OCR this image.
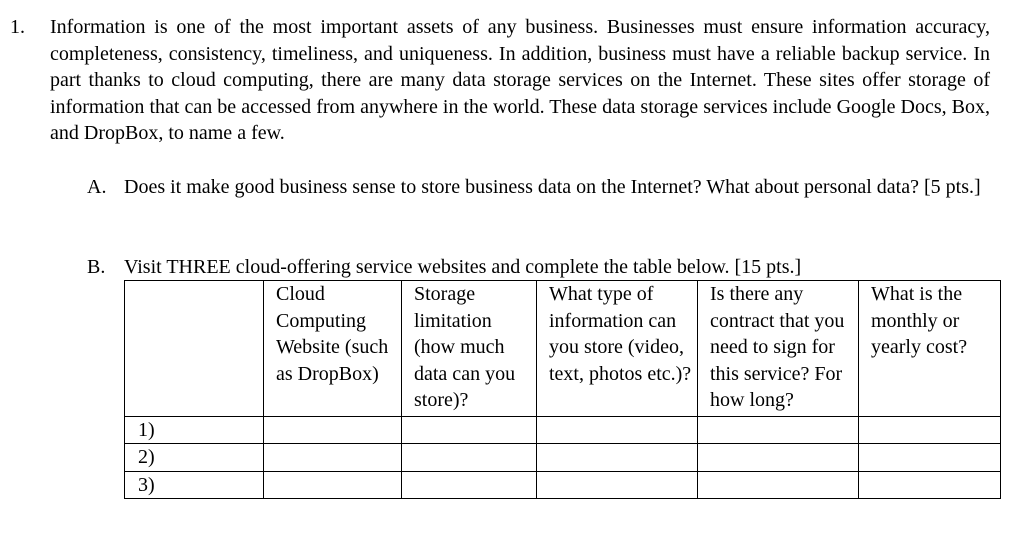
1. Information is one of the most important assets of any business. Businesses must ensure information accuracy, completeness, consistency, timeliness, and uniqueness. In addition, business must have a reliable backup service. In part thanks to cloud computing, there are many data storage services on the Internet. These sites offer storage of information that can be accessed from anywhere in the world. These data storage services include Google Docs, Box, and DropBox, to name a few.

A. Does it make good business sense to store business data on the Internet? What about personal data? [5 pts.]

B. Visit THREE cloud-offering service websites and complete the table below. [15 pts.]

	Cloud Computing Website (such as DropBox)	Storage limitation (how much data can you store)?	What type of information can you store (video, text, photos etc.)?	Is there any contract that you need to sign for this service? For how long?	What is the monthly or yearly cost?

1)					

2)					

3)					
